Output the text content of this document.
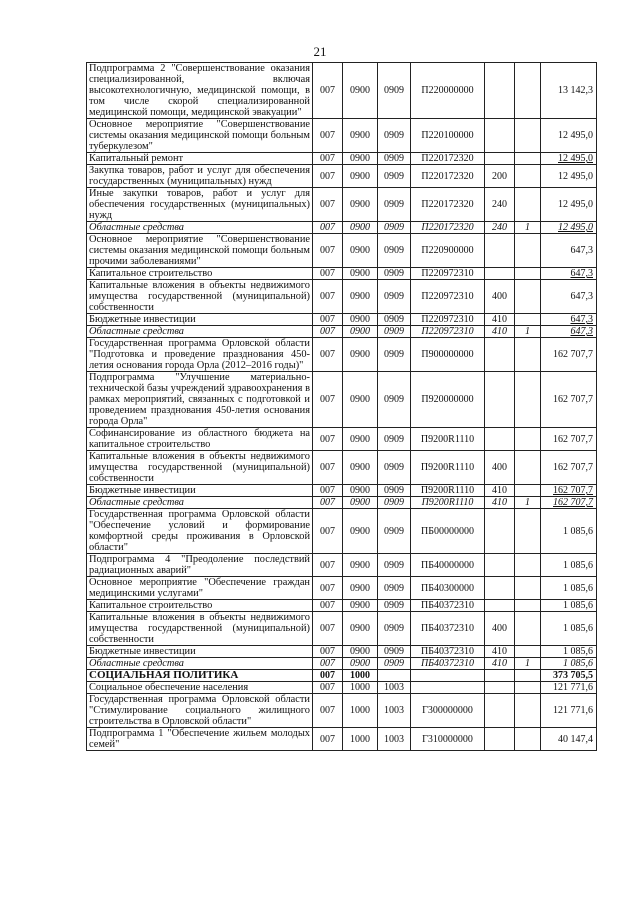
21
Подпрограмма 2 "Совершенствование оказания специализированной, включая высокотехнологичную, медицинской помощи, в том числе скорой специализированной медицинской помощи, медицинской эвакуации"	007	0900	0909	П220000000			13 142,3
Основное мероприятие "Совершенствование системы оказания медицинской помощи больным туберкулезом"	007	0900	0909	П220100000			12 495,0
Капитальный ремонт	007	0900	0909	П220172320			12 495,0
Закупка товаров, работ и услуг для обеспечения государственных (муниципальных) нужд	007	0900	0909	П220172320	200		12 495,0
Иные закупки товаров, работ и услуг для обеспечения государственных (муниципальных) нужд	007	0900	0909	П220172320	240		12 495,0
Областные средства	007	0900	0909	П220172320	240	1	12 495,0
Основное мероприятие "Совершенствование системы оказания медицинской помощи больным прочими заболеваниями"	007	0900	0909	П220900000			647,3
Капитальное строительство	007	0900	0909	П220972310			647,3
Капитальные вложения в объекты недвижимого имущества государственной (муниципальной) собственности	007	0900	0909	П220972310	400		647,3
Бюджетные инвестиции	007	0900	0909	П220972310	410		647,3
Областные средства	007	0900	0909	П220972310	410	1	647,3
Государственная программа Орловской области "Подготовка и проведение празднования 450-летия основания города Орла (2012–2016 годы)"	007	0900	0909	П900000000			162 707,7
Подпрограмма "Улучшение материально-технической базы учреждений здравоохранения в рамках мероприятий, связанных с подготовкой и проведением празднования 450-летия основания города Орла"	007	0900	0909	П920000000			162 707,7
Софинансирование из областного бюджета на капитальное строительство	007	0900	0909	П9200R1110			162 707,7
Капитальные вложения в объекты недвижимого имущества государственной (муниципальной) собственности	007	0900	0909	П9200R1110	400		162 707,7
Бюджетные инвестиции	007	0900	0909	П9200R1110	410		162 707,7
Областные средства	007	0900	0909	П9200R1110	410	1	162 707,7
Государственная программа Орловской области "Обеспечение условий и формирование комфортной среды проживания в Орловской области"	007	0900	0909	ПБ00000000			1 085,6
Подпрограмма 4 "Преодоление последствий радиационных аварий"	007	0900	0909	ПБ40000000			1 085,6
Основное мероприятие "Обеспечение граждан медицинскими услугами"	007	0900	0909	ПБ40300000			1 085,6
Капитальное строительство	007	0900	0909	ПБ40372310			1 085,6
Капитальные вложения в объекты недвижимого имущества государственной (муниципальной) собственности	007	0900	0909	ПБ40372310	400		1 085,6
Бюджетные инвестиции	007	0900	0909	ПБ40372310	410		1 085,6
Областные средства	007	0900	0909	ПБ40372310	410	1	1 085,6
СОЦИАЛЬНАЯ ПОЛИТИКА	007	1000					373 705,5
Социальное обеспечение населения	007	1000	1003				121 771,6
Государственная программа Орловской области "Стимулирование социального жилищного строительства в Орловской области"	007	1000	1003	Г300000000			121 771,6
Подпрограмма 1 "Обеспечение жильем молодых семей"	007	1000	1003	Г310000000			40 147,4
